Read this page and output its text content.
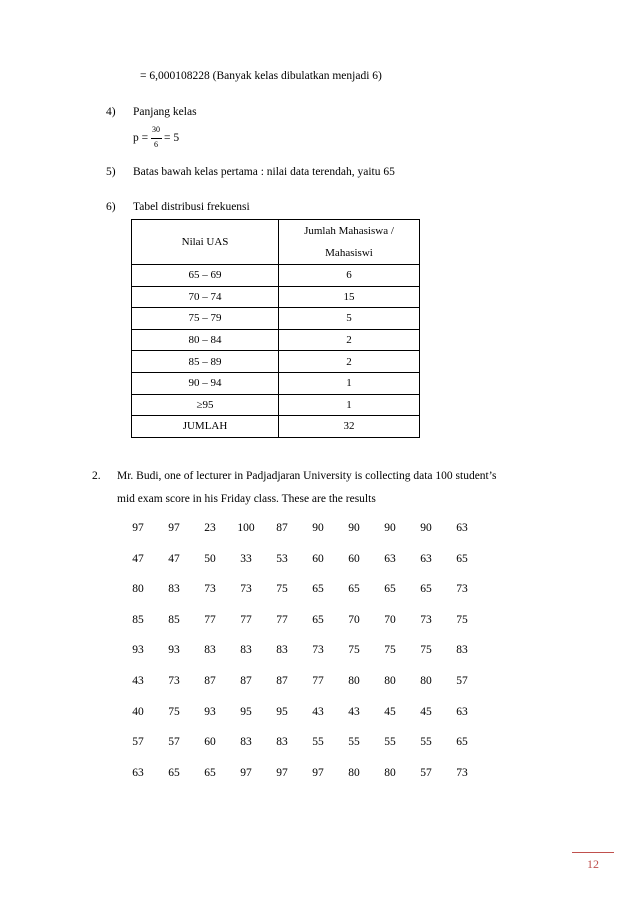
= 6,000108228 (Banyak kelas dibulatkan menjadi 6)
4) Panjang kelas
p =
30
6
= 5
5) Batas bawah kelas pertama : nilai data terendah, yaitu 65
6) Tabel distribusi frekuensi
Nilai UAS	Jumlah Mahasiswa / Mahasiswi
65 – 69	6
70 – 74	15
75 – 79	5
80 – 84	2
85 – 89	2
90 – 94	1
≥95	1
JUMLAH	32
2. Mr. Budi, one of lecturer in Padjadjaran University is collecting data 100 student’s
mid exam score in his Friday class. These are the results
97	97	23	100	87	90	90	90	90	63
47	47	50	33	53	60	60	63	63	65
80	83	73	73	75	65	65	65	65	73
85	85	77	77	77	65	70	70	73	75
93	93	83	83	83	73	75	75	75	83
43	73	87	87	87	77	80	80	80	57
40	75	93	95	95	43	43	45	45	63
57	57	60	83	83	55	55	55	55	65
63	65	65	97	97	97	80	80	57	73
12
